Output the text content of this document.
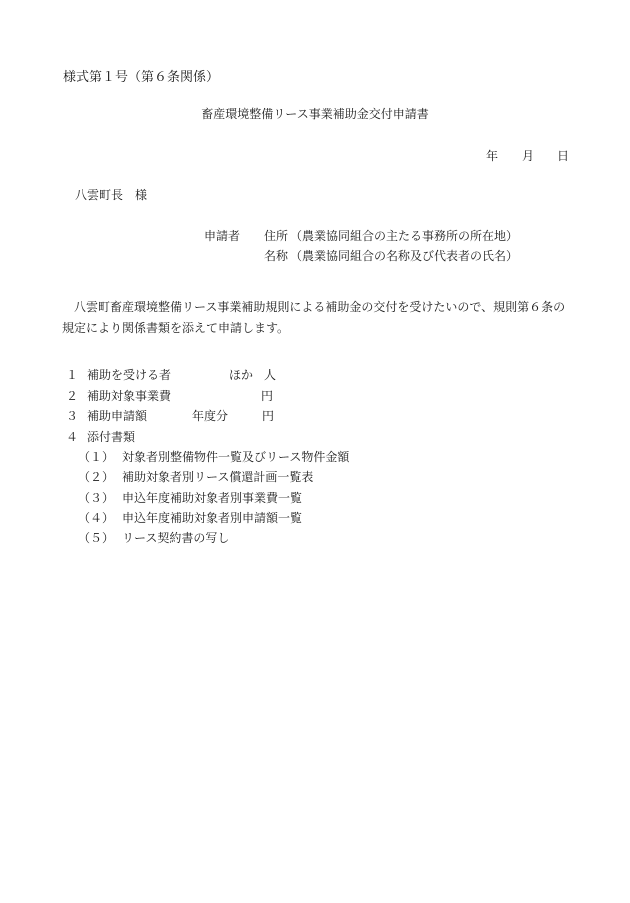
様式第１号（第６条関係）
畜産環境整備リース事業補助金交付申請書
年 月 日
八雲町長　様
申請者 住所 （農業協同組合の主たる事務所の所在地）
名称 （農業協同組合の名称及び代表者の氏名）

八雲町畜産環境整備リース事業補助規則による補助金の交付を受けたいので、規則第６条の規定により関係書類を添えて申請します。

１ 補助を受ける者	ほか 人
２ 補助対象事業費	円
３ 補助申請額	年度分	円
４ 添付書類
（１） 対象者別整備物件一覧及びリース物件金額
（２） 補助対象者別リース償還計画一覧表
（３） 申込年度補助対象者別事業費一覧
（４） 申込年度補助対象者別申請額一覧
（５） リース契約書の写し
